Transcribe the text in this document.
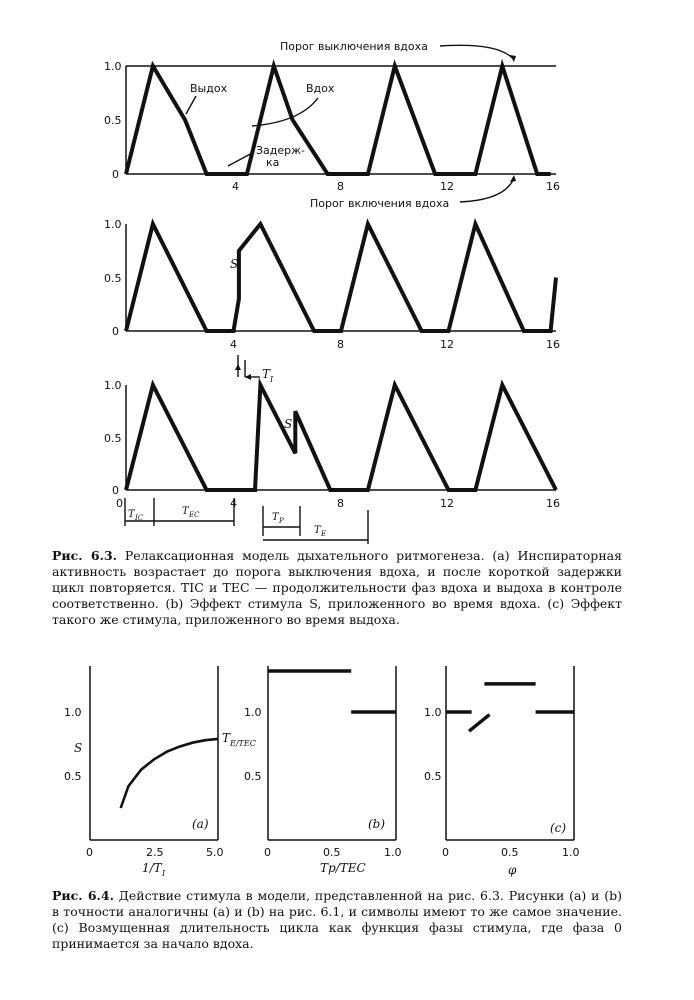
1.0
0.5
0
4	8	12	16
Порог выключения вдоха
Порог включения вдоха
Выдох	Вдох
Задерж-
ка
1.0
0.5
0
4	8	12	16
S
T I
1.0
0.5
0
0	4	8	12	16
S
T IC
T EC	T P
T E
1.0
0.5
S
0	2.5	5.0
1/T I
T E/TEC
(a)
1.0
0.5
0	0.5	1.0
Tp/TEC
(b)
1.0
0.5
0	0.5	1.0
φ
(c)
Рис. 6.3. Релаксационная модель дыхательного ритмогенеза. (a) Инспираторная активность возрастает до порога выключения вдоха, и после короткой задержки цикл повторяется. TIC и TEC — продолжительности фаз вдоха и выдоха в контроле соответственно. (b) Эффект стимула S, приложенного во время вдоха. (c) Эффект такого же стимула, приложенного во время выдоха.
Рис. 6.4. Действие стимула в модели, представленной на рис. 6.3. Рисунки (а) и (b) в точности аналогичны (а) и (b) на рис. 6.1, и символы имеют то же самое значение. (с) Возмущенная длительность цикла как функция фазы стимула, где фаза 0 принимается за начало вдоха.
